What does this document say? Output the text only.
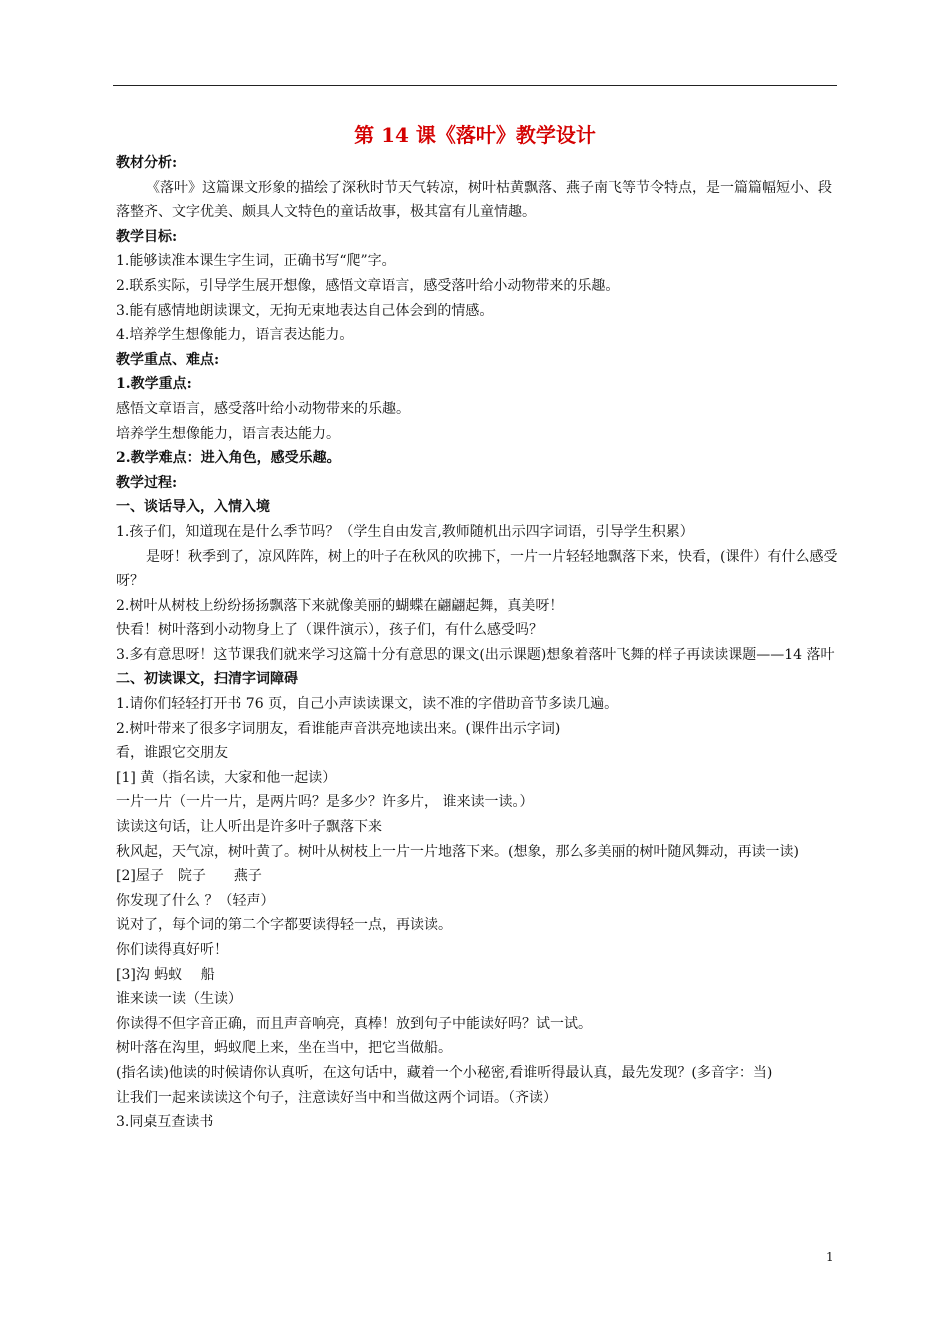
第 14 课《落叶》教学设计

教材分析:

《落叶》这篇课文形象的描绘了深秋时节天气转凉，树叶枯黄飘落、燕子南飞等节令特点，是一篇篇幅短小、段落整齐、文字优美、颇具人文特色的童话故事，极其富有儿童情趣。

教学目标:

1.能够读准本课生字生词，正确书写“爬”字。

2.联系实际，引导学生展开想像，感悟文章语言，感受落叶给小动物带来的乐趣。

3.能有感情地朗读课文，无拘无束地表达自己体会到的情感。

4.培养学生想像能力，语言表达能力。

教学重点、难点:

1.教学重点:

感悟文章语言，感受落叶给小动物带来的乐趣。

培养学生想像能力，语言表达能力。

2.教学难点：进入角色，感受乐趣。

教学过程:

一、谈话导入，入情入境

1.孩子们，知道现在是什么季节吗？（学生自由发言,教师随机出示四字词语，引导学生积累）

是呀！秋季到了，凉风阵阵，树上的叶子在秋风的吹拂下，一片一片轻轻地飘落下来，快看，(课件）有什么感受呀？

2.树叶从树枝上纷纷扬扬飘落下来就像美丽的蝴蝶在翩翩起舞，真美呀！

快看！树叶落到小动物身上了（课件演示），孩子们，有什么感受吗？

3.多有意思呀！这节课我们就来学习这篇十分有意思的课文(出示课题)想象着落叶飞舞的样子再读读课题——14 落叶

二、初读课文，扫清字词障碍

1.请你们轻轻打开书 76 页，自己小声读读课文，读不准的字借助音节多读几遍。

2.树叶带来了很多字词朋友，看谁能声音洪亮地读出来。(课件出示字词)

看，谁跟它交朋友

[1] 黄（指名读，大家和他一起读）

一片一片（一片一片，是两片吗？是多少？许多片， 谁来读一读。）

读读这句话，让人听出是许多叶子飘落下来

秋风起，天气凉，树叶黄了。树叶从树枝上一片一片地落下来。(想象，那么多美丽的树叶随风舞动，再读一读)

[2]屋子　院子　　燕子

你发现了什么 ？（轻声）

说对了，每个词的第二个字都要读得轻一点，再读读。

你们读得真好听！

[3]沟 蚂蚁　 船

谁来读一读（生读）

你读得不但字音正确，而且声音响亮，真棒！放到句子中能读好吗？试一试。

树叶落在沟里，蚂蚁爬上来，坐在当中，把它当做船。

(指名读)他读的时候请你认真听，在这句话中，藏着一个小秘密,看谁听得最认真，最先发现？(多音字：当)

让我们一起来读读这个句子，注意读好当中和当做这两个词语。（齐读）

3.同桌互查读书

1
